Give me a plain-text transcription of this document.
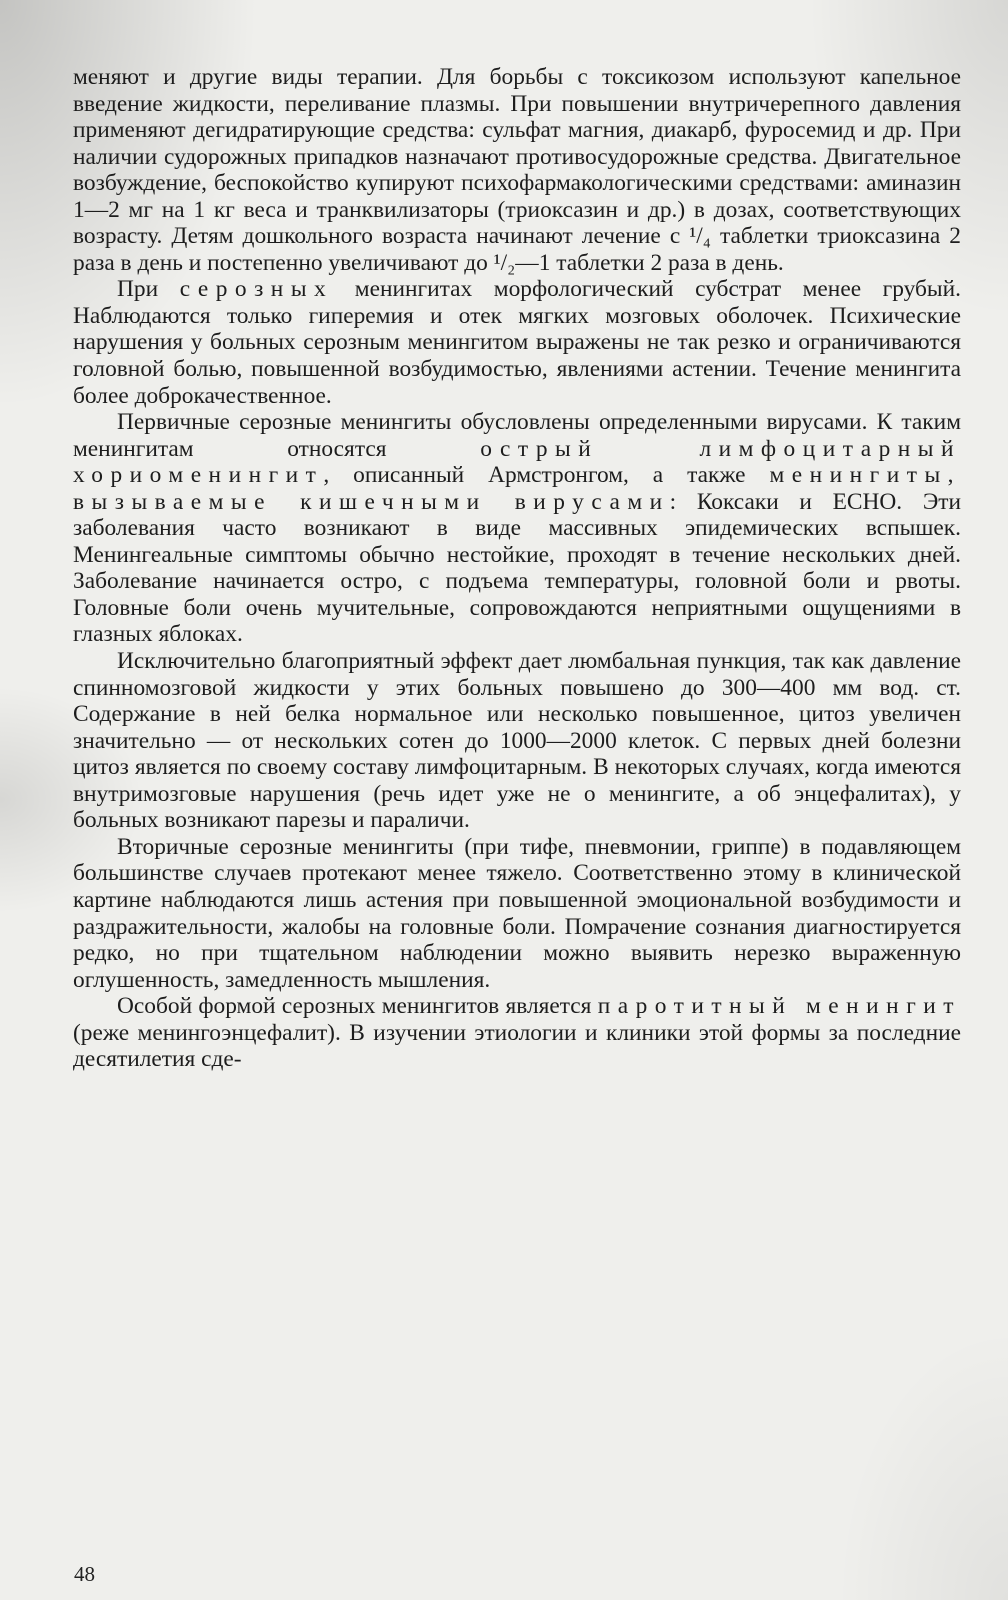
меняют и другие виды терапии. Для борьбы с токсикозом используют капельное введение жидкости, переливание плазмы. При повышении внутричерепного давления применяют дегидратирующие средства: сульфат магния, диакарб, фуросемид и др. При наличии судорожных припадков назначают противосудорожные средства. Двигательное возбуждение, беспокойство купируют психофармакологическими средствами: аминазин 1—2 мг на 1 кг веса и транквилизаторы (триоксазин и др.) в дозах, соответствующих возрасту. Детям дошкольного возраста начинают лечение с ¹/₄ таблетки триоксазина 2 раза в день и постепенно увеличивают до ¹/₂—1 таблетки 2 раза в день.

При серозных менингитах морфологический субстрат менее грубый. Наблюдаются только гиперемия и отек мягких мозговых оболочек. Психические нарушения у больных серозным менингитом выражены не так резко и ограничиваются головной болью, повышенной возбудимостью, явлениями астении. Течение менингита более доброкачественное.

Первичные серозные менингиты обусловлены определенными вирусами. К таким менингитам относятся острый лимфоцитарный хориоменингит, описанный Армстронгом, а также менингиты, вызываемые кишечными вирусами: Коксаки и ЕСНО. Эти заболевания часто возникают в виде массивных эпидемических вспышек. Менингеальные симптомы обычно нестойкие, проходят в течение нескольких дней. Заболевание начинается остро, с подъема температуры, головной боли и рвоты. Головные боли очень мучительные, сопровождаются неприятными ощущениями в глазных яблоках.

Исключительно благоприятный эффект дает люмбальная пункция, так как давление спинномозговой жидкости у этих больных повышено до 300—400 мм вод. ст. Содержание в ней белка нормальное или несколько повышенное, цитоз увеличен значительно — от нескольких сотен до 1000—2000 клеток. С первых дней болезни цитоз является по своему составу лимфоцитарным. В некоторых случаях, когда имеются внутримозговые нарушения (речь идет уже не о менингите, а об энцефалитах), у больных возникают парезы и параличи.

Вторичные серозные менингиты (при тифе, пневмонии, гриппе) в подавляющем большинстве случаев протекают менее тяжело. Соответственно этому в клинической картине наблюдаются лишь астения при повышенной эмоциональной возбудимости и раздражительности, жалобы на головные боли. Помрачение сознания диагностируется редко, но при тщательном наблюдении можно выявить нерезко выраженную оглушенность, замедленность мышления.

Особой формой серозных менингитов является паротитный менингит (реже менингоэнцефалит). В изучении этиологии и клиники этой формы за последние десятилетия сде-

48
